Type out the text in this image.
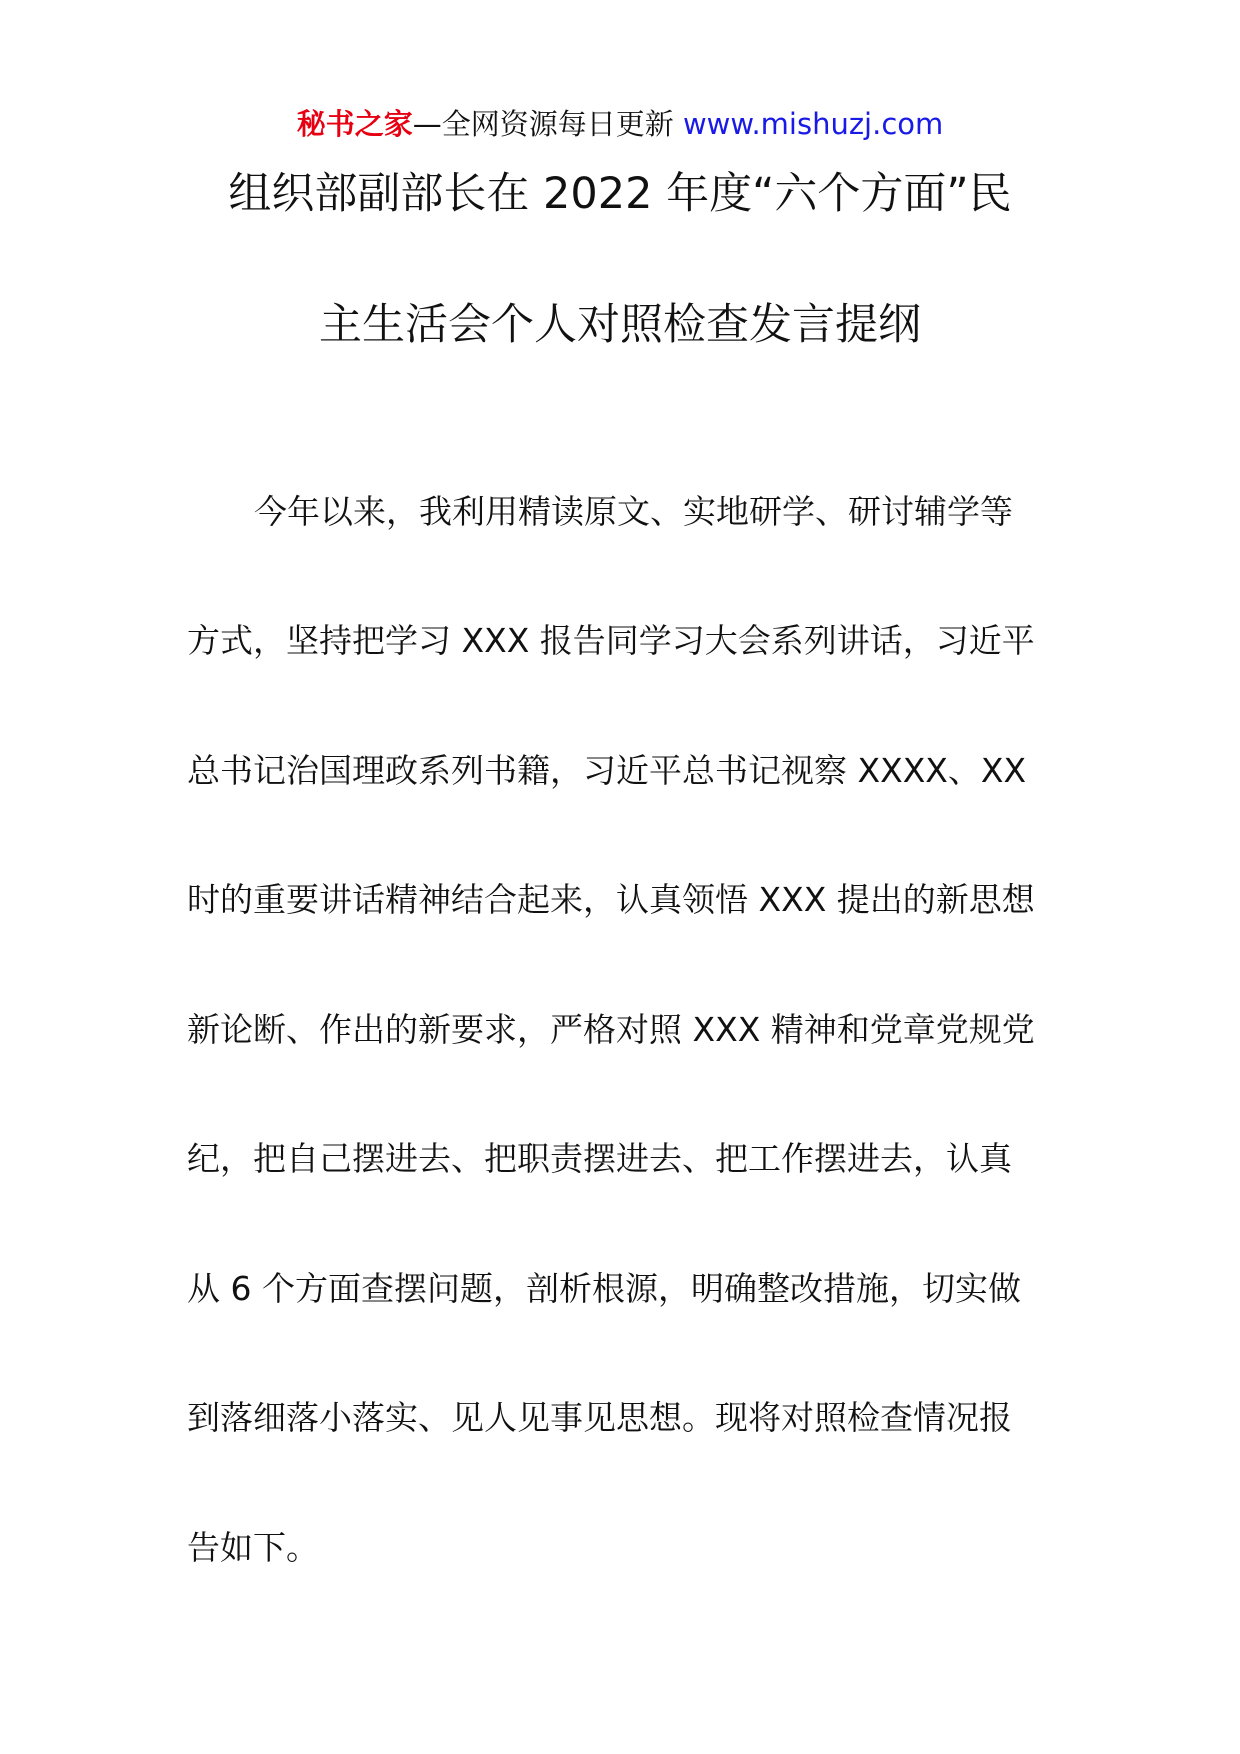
秘书之家—全网资源每日更新 www.mishuzj.com
组织部副部长在 2022 年度“六个方面”民
主生活会个人对照检查发言提纲
今年以来，我利用精读原文、实地研学、研讨辅学等
方式，坚持把学习 XXX 报告同学习大会系列讲话，习近平
总书记治国理政系列书籍，习近平总书记视察 XXXX、XX
时的重要讲话精神结合起来，认真领悟 XXX 提出的新思想
新论断、作出的新要求，严格对照 XXX 精神和党章党规党
纪，把自己摆进去、把职责摆进去、把工作摆进去，认真
从 6 个方面查摆问题，剖析根源，明确整改措施，切实做
到落细落小落实、见人见事见思想。现将对照检查情况报
告如下。
